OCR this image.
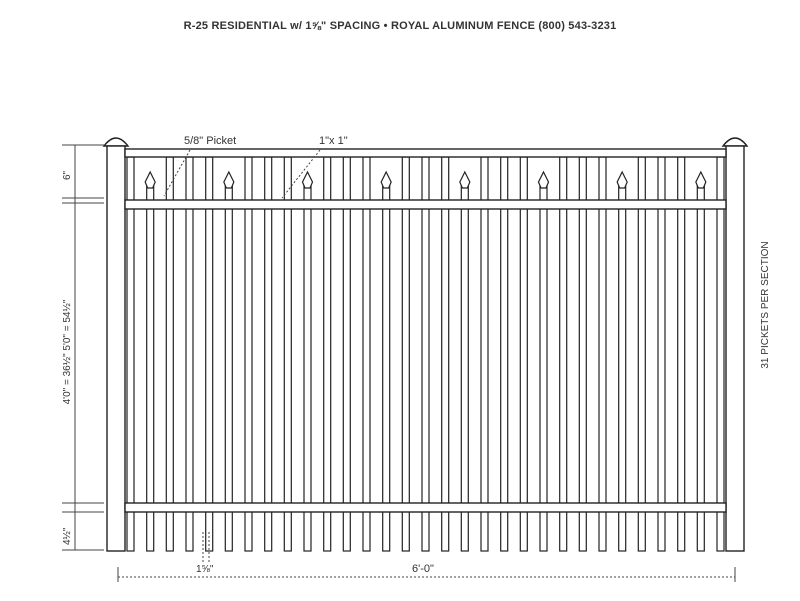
R-25 RESIDENTIAL w/ 1⅝" SPACING • ROYAL ALUMINUM FENCE (800) 543-3231
5/8" Picket	1"x 1"
6"
4'0" = 36½" 5'0" = 54½"
4½"
1⅝"	6'-0"
31 PICKETS PER SECTION
